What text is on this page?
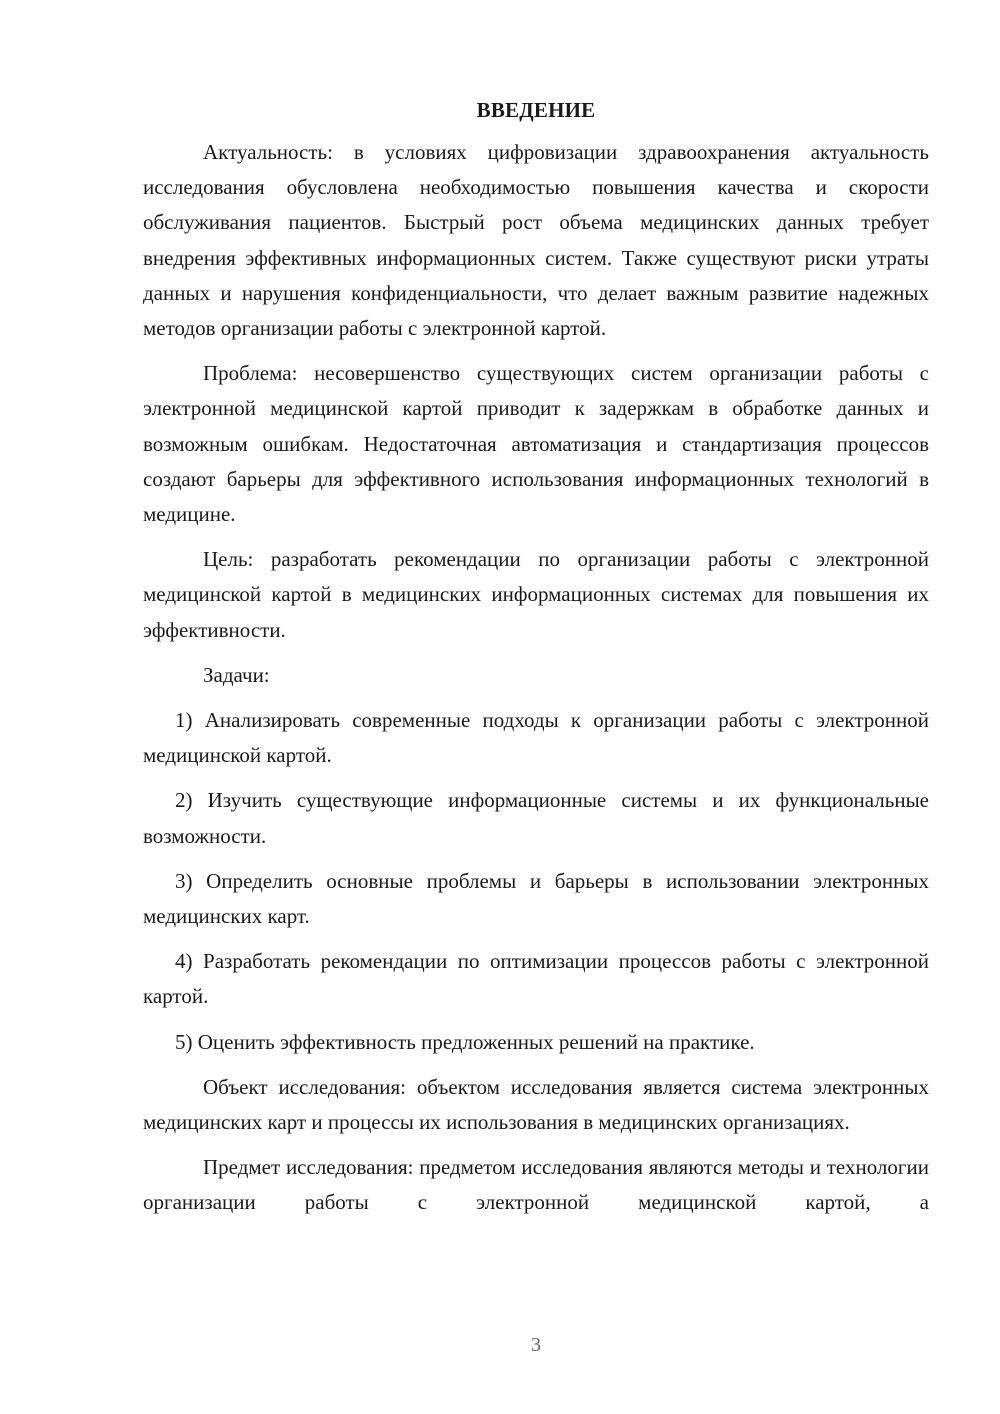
ВВЕДЕНИЕ

Актуальность: в условиях цифровизации здравоохранения актуальность исследования обусловлена необходимостью повышения качества и скорости обслуживания пациентов. Быстрый рост объема медицинских данных требует внедрения эффективных информационных систем. Также существуют риски утраты данных и нарушения конфиденциальности, что делает важным развитие надежных методов организации работы с электронной картой.

Проблема: несовершенство существующих систем организации работы с электронной медицинской картой приводит к задержкам в обработке данных и возможным ошибкам. Недостаточная автоматизация и стандартизация процессов создают барьеры для эффективного использования информационных технологий в медицине.

Цель: разработать рекомендации по организации работы с электронной медицинской картой в медицинских информационных системах для повышения их эффективности.

Задачи:

1) Анализировать современные подходы к организации работы с электронной медицинской картой.

2) Изучить существующие информационные системы и их функциональные возможности.

3) Определить основные проблемы и барьеры в использовании электронных медицинских карт.

4) Разработать рекомендации по оптимизации процессов работы с электронной картой.

5) Оценить эффективность предложенных решений на практике.

Объект исследования: объектом исследования является система электронных медицинских карт и процессы их использования в медицинских организациях.

Предмет исследования: предметом исследования являются методы и технологии организации работы с электронной медицинской картой, а

3
